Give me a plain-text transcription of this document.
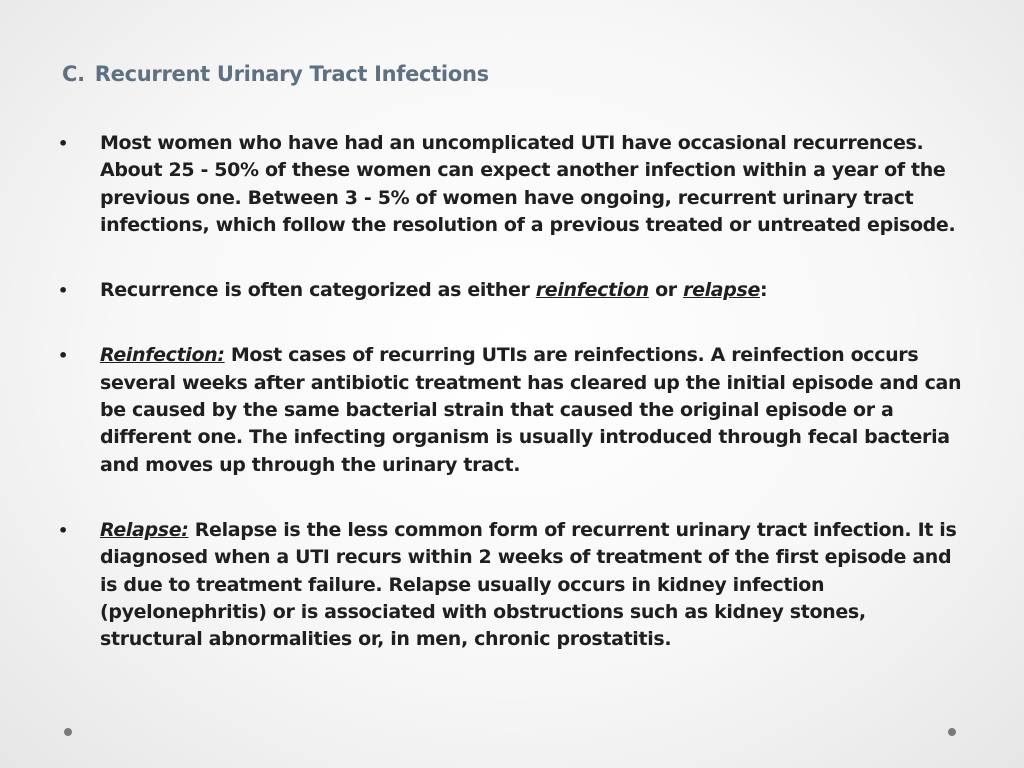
C. Recurrent Urinary Tract Infections
• Most women who have had an uncomplicated UTI have occasional recurrences. About 25 - 50% of these women can expect another infection within a year of the previous one. Between 3 - 5% of women have ongoing, recurrent urinary tract infections, which follow the resolution of a previous treated or untreated episode.
• Recurrence is often categorized as either reinfection or relapse:
• Reinfection: Most cases of recurring UTIs are reinfections. A reinfection occurs several weeks after antibiotic treatment has cleared up the initial episode and can be caused by the same bacterial strain that caused the original episode or a different one. The infecting organism is usually introduced through fecal bacteria and moves up through the urinary tract.
• Relapse: Relapse is the less common form of recurrent urinary tract infection. It is diagnosed when a UTI recurs within 2 weeks of treatment of the first episode and is due to treatment failure. Relapse usually occurs in kidney infection (pyelonephritis) or is associated with obstructions such as kidney stones, structural abnormalities or, in men, chronic prostatitis.
